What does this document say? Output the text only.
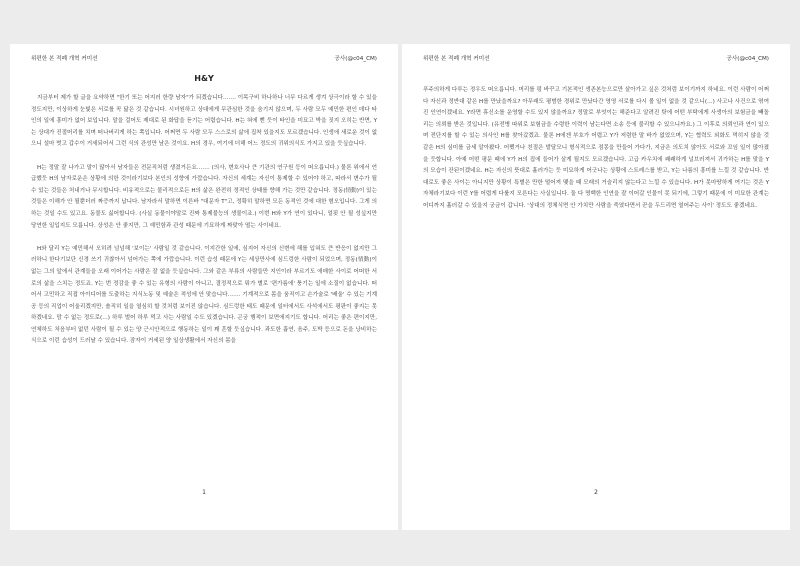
위편한 본 적폐 개혁 커미션	공사(@c04_CM)
H&Y

지금부터 제가 할 글을 요약하면 "한기 또는 어지러 한량 남자"가 되겠습니다……. 이목구비 하나하나 너무 다르게 생겨 상극이라 할 수 있을 정도지만, 이상하게 눈빛은 서로를 꼭 닮은 것 같습니다. 시녀원하고 상대에게 무관심한 것을 숨기지 않으며, 두 사람 모두 예민한 편인 데다 타인의 일에 흥미가 없어 보입니다. 말을 걸어도 제대로 된 화답을 듣기는 어렵습니다. H는 혀에 뻔 듯이 타인을 미묘고 박을 짓지 오히는 반면, Y는 상대가 진절머리를 치며 떠나버리게 하는 쪽입니다. 어쩌면 두 사람 모두 스스로의 삶에 집착 있을지도 모르겠습니다. 인생에 새로운 것이 없으니 설마 벗고 갑수이 거세되어서 그런 식의 관성만 남은 것이요. H의 경우, 여기에 더해 어느 정도의 귀위의식도 가지고 있을 듯싶습니다.

H는 정말 잘 나가고 말이 많아서 남자들은 전문직처럼 생겼거든요……. (의사, 변호사나 큰 기관의 연구원 등이 떠오릅니다.) 물론 위에서 언급했듯 H의 남자로운은 상황에 의한 것이라기보다 본인의 성향에 가깝습니다. 자신의 세계는 자신이 통제할 수 있어야 하고, 따라서 변수가 될 수 있는 것들은 처내거나 무시합니다. 비유적으로는 물리적으로든 H의 삶은 완전히 정적인 상태를 향해 가는 것만 같습니다. 정동(情動)이 있는 것들은 이해가 안 될뿐더러 짜증까지 납니다. 남자라서 말하면 이른바 "대문자 T"고, 정확히 말하면 모든 동적인 것에 대한 혐오입니다. 그게 의하는 것일 수도 있고요. 동물도 싫어합니다. (사실 동물이야말로 진짜 통제불능의 생물이죠.) 이번 H와 Y가 연이 있다니, 얼핏 안 될 성싶지만 당연한 일입지도 모릅니다. 상성은 안 좋지만, 그 예민함과 관성 때문에 기묘하게 짜맞아 떨는 사이네요.

H와 달리 Y는 예민해서 오히려 넘넘해 '보이는' 사람일 것 같습니다. 이지간한 일에, 심지어 자신의 신변에 해를 입혀도 큰 반응이 없지만 그러하니 한다기보단 신경 쓰기 귀찮아서 넘어가는 쪽에 가깝습니다. 이런 습성 때문에 Y는 세상만사에 심드렁한 사람이 되었으며, 정동(情動)이 없는 그의 앞에서 관계들을 오래 이어가는 사람은 잘 없을 듯싶습니다. 그와 같은 부류의 사람들만 지인이라 부르기도 애매한 사이로 어떠한 서로의 삶을 스치는 정도죠. Y는 번 정감을 좋 수 있는 유형의 사람이 아니고, 결정적으로 뭐가 별로 '편가름에' 퉁기는 일에 소질이 없습니다. 떠어서 고민하고 직접 아이디어를 도출하는 지식노동 및 예술은 적성에 안 맞습니다……. 기계적으로 몸을 움직이고 손가술로 '배울' 수 있는 기계공 등의 직업이 어울리겠지만, 솔직히 일을 열심히 할 것처럼 보이진 않습니다. 심드렁한 태도 때문에 일터에서도 사석에서도 평판이 좋지는 못하겠네요. 맘 수 없는 정도로(…) 하루 벌어 하루 먹고 사는 사람일 수도 있겠습니다. 곤궁 행적이 보면에지기도 합니다. 어리는 좋은 편이지만, 연체하도 처음부터 없던 사람이 될 수 있는 양 근시안적으로 행동하는 일이 꽤 흔할 듯싶습니다. 과도한 흡연, 음주, 도박 등으로 돈을 낭비하는 식으로 이런 습성이 드러날 수 있습니다. 잠자이 거세된 양 일상생활에서 자신의 몸을

1
위편한 본 적폐 개혁 커미션	공사(@c04_CM)

푸주의하게 다루는 정우도 떠오릅니다. 머리를 펑 바꾸고 기본적인 생존본능으로만 살아가고 싶은 것처럼 보이기까지 하네요. 이런 사람이 어쩌다 자신과 정반대 같은 H를 만났을까요? 아무래도 평범한 경위로 만났다간 영영 서로를 다시 볼 일이 없을 것 같으니(…) 사고나 사건으로 엮여진 인연이겠네요. Y라면 휴신소를 운영할 수도 있지 않을까요? 정말로 부엇이는 해준다고 알려진 탓에 어떤 부탁에게 사생아의 보험금을 빼돌리는 의뢰를 받은 것입니다. (유전병 따위로 보험금을 수령한 이력이 남는다면 소송 등에 불리할 수 있으니까요.) 그 이후로 의뢰인과 연이 있으며 전단지를 할 수 있는 의사인 H를 찾아갔겠죠. 물론 H에겐 부호가 어렵고 Y가 저렴한 말 바가 없었으며, Y는 협력도 외화도 먹히지 않을 것 같은 H의 심미를 금세 알아봤다. 어쨌거나 친절은 발달모니 형식적으로 점몽을 만들어 가다가, 지금은 의도치 않아도 서로와 꼬임 일이 많아졌을 듯합니다. 아예 어떤 평문 때에 Y가 H의 집에 들어가 살게 될지도 모르겠습니다. 고급 카우치에 쾌쾌하게 널브러져서 귀가하는 H를 맞을 Y의 모습이 잔된이겠네요. H는 자신의 뜻대로 흘러가는 듯 미묘하게 어긋나는 상황에 스트레스를 받고, Y는 나름의 흥미를 느낄 것 같습니다. 반대로도 좋은 사이는 아니지만 상황이 특별은 만한 떨어져 맺을 때 모래의 거슬리지 않는다고 느낄 수 있습니다. H가 못마땅하게 여기는 것은 Y 자체라기보다 이런 Y를 어렵게 다룰지 모른다는 사실입니다. 둘 다 명백한 인연을 잘 이어갈 인물이 못 되기에, 그렇기 때문에 이 미묘한 관계는 어디까지 흘러갈 수 있을지 궁금이 갑니다. '상대의 정체식면 안 가치만 사람을 죽였다면서 꾼을 두드리면 열어주는 사이' 정도도 좋겠네요.

2
